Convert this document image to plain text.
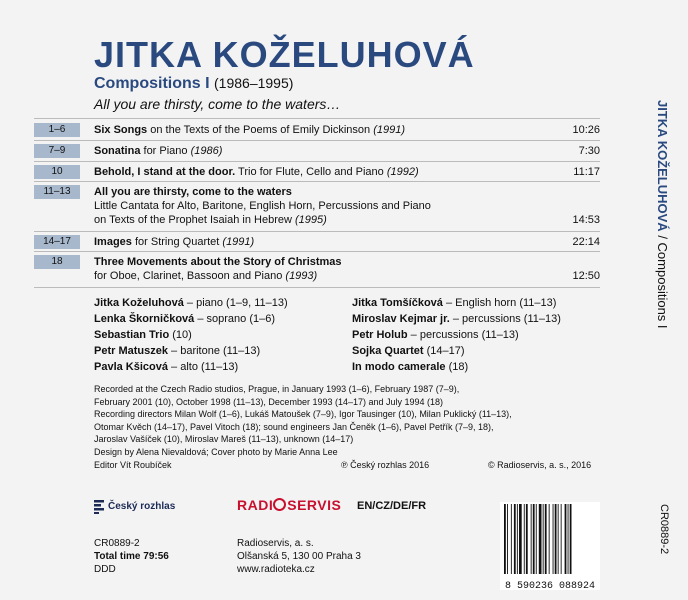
JITKA KOŽELUHOVÁ
Compositions I (1986–1995)
All you are thirsty, come to the waters…	JITKA KOŽELUHOVÁ / Compositions I
CR0889-2
1–6	Six Songs on the Texts of the Poems of Emily Dickinson (1991)	10:26
7–9	Sonatina for Piano (1986)	7:30
10	Behold, I stand at the door. Trio for Flute, Cello and Piano (1992)	11:17
11–13	All you are thirsty, come to the waters
Little Cantata for Alto, Baritone, English Horn, Percussions and Piano
on Texts of the Prophet Isaiah in Hebrew (1995)	14:53
14–17	Images for String Quartet (1991)	22:14
18	Three Movements about the Story of Christmas
for Oboe, Clarinet, Bassoon and Piano (1993)	12:50
Jitka Koželuhová – piano (1–9, 11–13)
Lenka Škorničková – soprano (1–6)
Sebastian Trio (10)
Petr Matuszek – baritone (11–13)
Pavla Kšicová – alto (11–13)
Jitka Tomšíčková – English horn (11–13)
Miroslav Kejmar jr. – percussions (11–13)
Petr Holub – percussions (11–13)
Sojka Quartet (14–17)
In modo camerale (18)
Recorded at the Czech Radio studios, Prague, in January 1993 (1–6), February 1987 (7–9),
February 2001 (10), October 1998 (11–13), December 1993 (14–17) and July 1994 (18)
Recording directors Milan Wolf (1–6), Lukáš Matoušek (7–9), Igor Tausinger (10), Milan Puklický (11–13),
Otomar Kvěch (14–17), Pavel Vitoch (18); sound engineers Jan Čeněk (1–6), Pavel Petřík (7–9, 18),
Jaroslav Vašíček (10), Miroslav Mareš (11–13), unknown (14–17)
Design by Alena Nievaldová; Cover photo by Marie Anna Lee
Editor Vít Roubíček	℗ Český rozhlas 2016	© Radioservis, a. s., 2016
Český rozhlas	RADI SERVIS EN/CZ/DE/FR
CR0889-2
Total time 79:56
DDD
Radioservis, a. s.
Olšanská 5, 130 00 Praha 3
www.radioteka.cz
8 590236 088924
